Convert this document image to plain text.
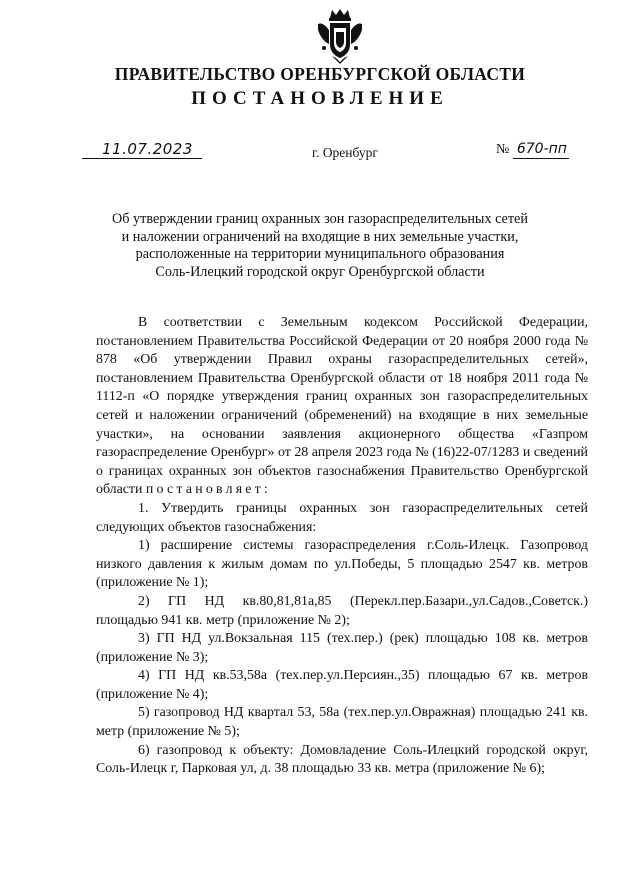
ПРАВИТЕЛЬСТВО ОРЕНБУРГСКОЙ ОБЛАСТИ
ПОСТАНОВЛЕНИЕ
11.07.2023	г. Оренбург	№ 670-пп
Об утверждении границ охранных зон газораспределительных сетей
и наложении ограничений на входящие в них земельные участки,
расположенные на территории муниципального образования
Соль-Илецкий городской округ Оренбургской области

В соответствии с Земельным кодексом Российской Федерации, постановлением Правительства Российской Федерации от 20 ноября 2000 года № 878 «Об утверждении Правил охраны газораспределительных сетей», постановлением Правительства Оренбургской области от 18 ноября 2011 года № 1112-п «О порядке утверждения границ охранных зон газораспределительных сетей и наложении ограничений (обременений) на входящие в них земельные участки», на основании заявления акционерного общества «Газпром газораспределение Оренбург» от 28 апреля 2023 года № (16)22-07/1283 и сведений о границах охранных зон объектов газоснабжения Правительство Оренбургской области постановляет:

1. Утвердить границы охранных зон газораспределительных сетей следующих объектов газоснабжения:

1) расширение системы газораспределения г.Соль-Илецк. Газопровод низкого давления к жилым домам по ул.Победы, 5 площадью 2547 кв. метров (приложение № 1);

2) ГП НД кв.80,81,81а,85 (Перекл.пер.Базари.,ул.Садов.,Советск.) площадью 941 кв. метр (приложение № 2);

3) ГП НД ул.Вокзальная 115 (тех.пер.) (рек) площадью 108 кв. метров (приложение № 3);

4) ГП НД кв.53,58а (тех.пер.ул.Персиян.,35) площадью 67 кв. метров (приложение № 4);

5) газопровод НД квартал 53, 58а (тех.пер.ул.Овражная) площадью 241 кв. метр (приложение № 5);

6) газопровод к объекту: Домовладение Соль-Илецкий городской округ, Соль-Илецк г, Парковая ул, д. 38 площадью 33 кв. метра (приложение № 6);
